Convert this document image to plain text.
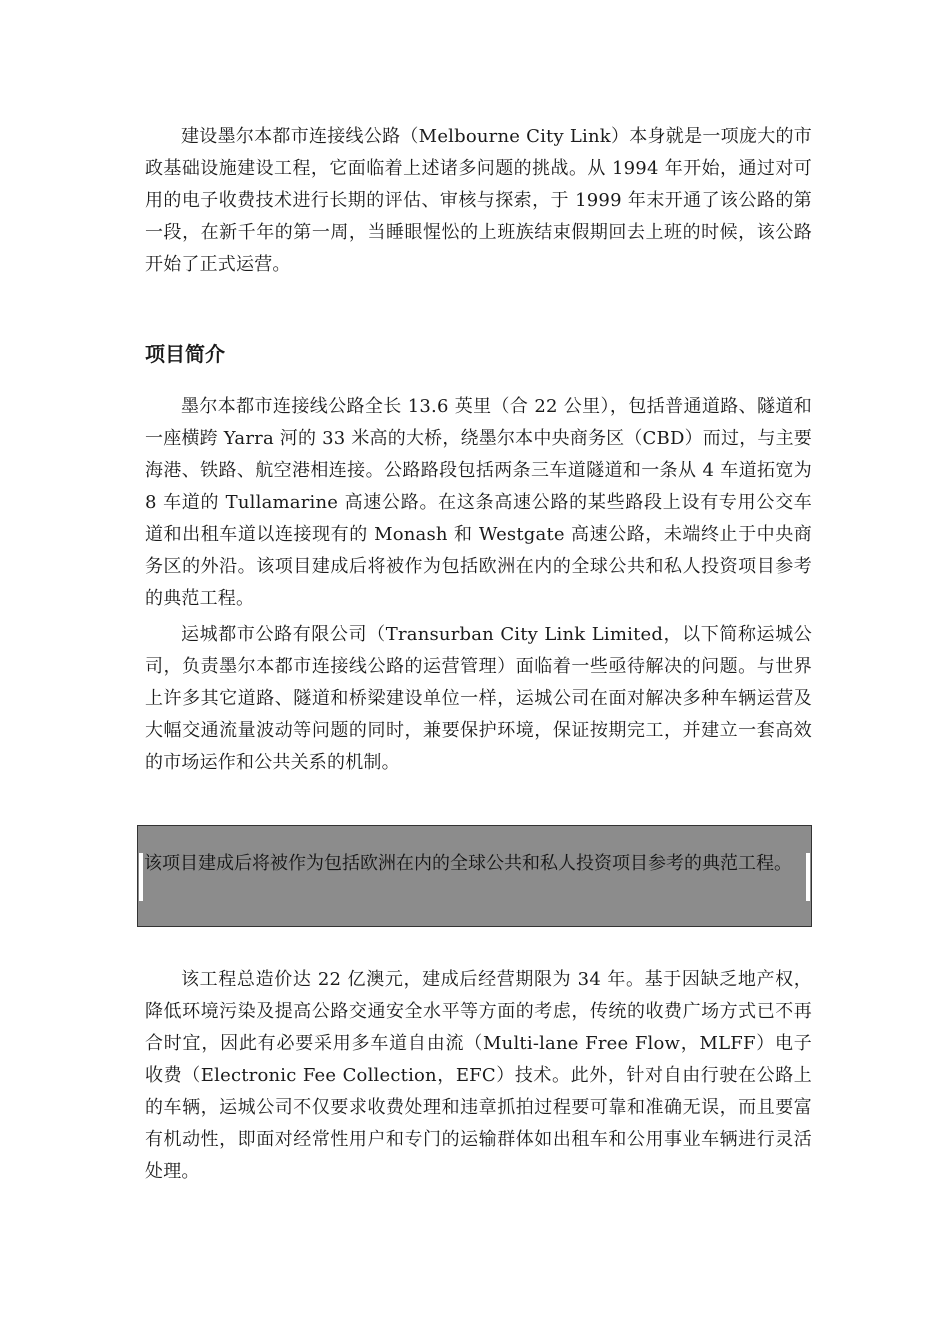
建设墨尔本都市连接线公路（Melbourne City Link）本身就是一项庞大的市政基础设施建设工程，它面临着上述诸多问题的挑战。从 1994 年开始，通过对可用的电子收费技术进行长期的评估、审核与探索，于 1999 年末开通了该公路的第一段，在新千年的第一周，当睡眼惺忪的上班族结束假期回去上班的时候，该公路开始了正式运营。

项目简介

墨尔本都市连接线公路全长 13.6 英里（合 22 公里），包括普通道路、隧道和一座横跨 Yarra 河的 33 米高的大桥，绕墨尔本中央商务区（CBD）而过，与主要海港、铁路、航空港相连接。公路路段包括两条三车道隧道和一条从 4 车道拓宽为 8 车道的 Tullamarine 高速公路。在这条高速公路的某些路段上设有专用公交车道和出租车道以连接现有的 Monash 和 Westgate 高速公路，未端终止于中央商务区的外沿。该项目建成后将被作为包括欧洲在内的全球公共和私人投资项目参考的典范工程。

运城都市公路有限公司（Transurban City Link Limited，以下简称运城公司，负责墨尔本都市连接线公路的运营管理）面临着一些亟待解决的问题。与世界上许多其它道路、隧道和桥梁建设单位一样，运城公司在面对解决多种车辆运营及大幅交通流量波动等问题的同时，兼要保护环境，保证按期完工，并建立一套高效的市场运作和公共关系的机制。

该项目建成后将被作为包括欧洲在内的全球公共和私人投资项目参考的典范工程。

该工程总造价达 22 亿澳元，建成后经营期限为 34 年。基于因缺乏地产权，降低环境污染及提高公路交通安全水平等方面的考虑，传统的收费广场方式已不再合时宜，因此有必要采用多车道自由流（Multi-lane Free Flow，MLFF）电子收费（Electronic Fee Collection，EFC）技术。此外，针对自由行驶在公路上的车辆，运城公司不仅要求收费处理和违章抓拍过程要可靠和准确无误，而且要富有机动性，即面对经常性用户和专门的运输群体如出租车和公用事业车辆进行灵活处理。
